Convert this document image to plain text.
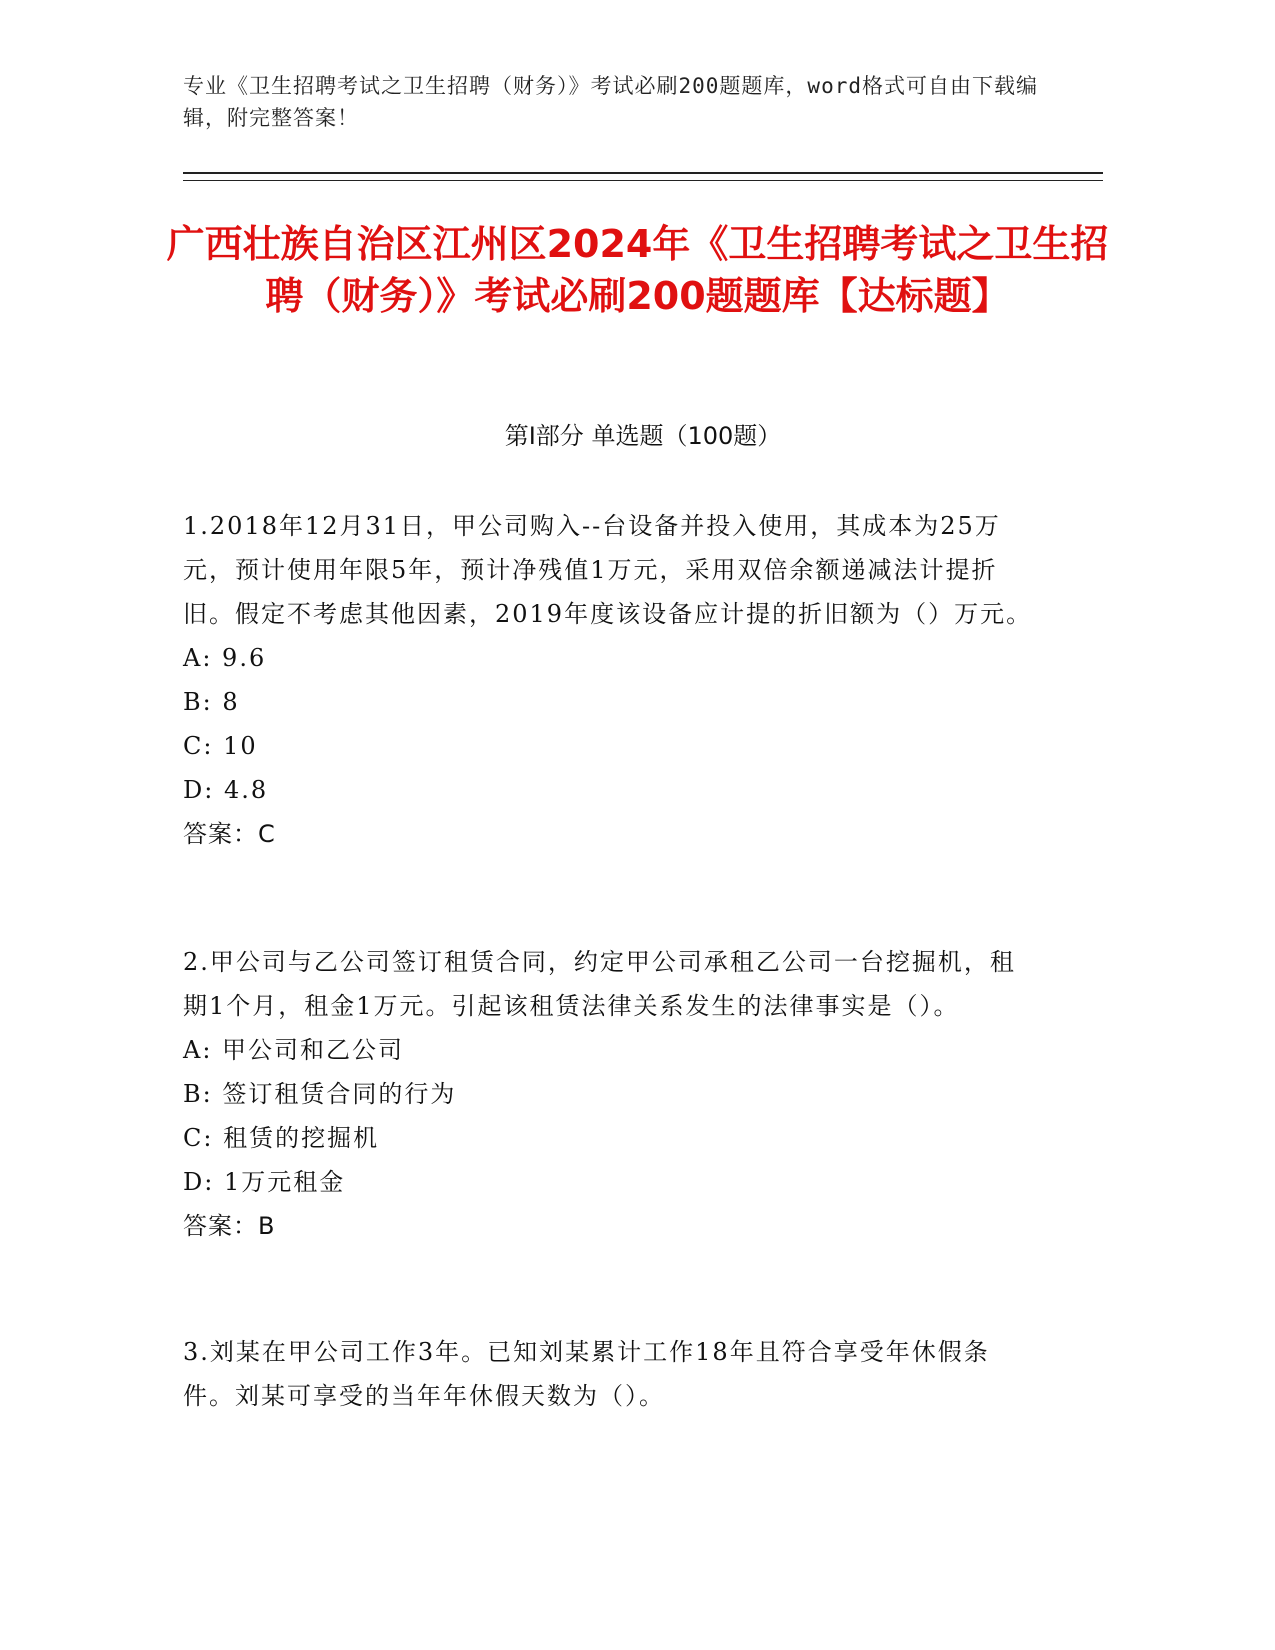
专业《卫生招聘考试之卫生招聘（财务）》考试必刷200题题库，word格式可自由下载编辑，附完整答案！
广西壮族自治区江州区2024年《卫生招聘考试之卫生招聘（财务）》考试必刷200题题库【达标题】
第Ⅰ部分 单选题（100题）

1.2018年12月31日，甲公司购入--台设备并投入使用，其成本为25万元，预计使用年限5年，预计净残值1万元，采用双倍余额递减法计提折旧。假定不考虑其他因素，2019年度该设备应计提的折旧额为（）万元。

A: 9.6

B: 8

C: 10

D: 4.8

答案：C

2.甲公司与乙公司签订租赁合同，约定甲公司承租乙公司一台挖掘机，租期1个月，租金1万元。引起该租赁法律关系发生的法律事实是（）。

A: 甲公司和乙公司

B: 签订租赁合同的行为

C: 租赁的挖掘机

D: 1万元租金

答案：B

3.刘某在甲公司工作3年。已知刘某累计工作18年且符合享受年休假条件。刘某可享受的当年年休假天数为（）。
